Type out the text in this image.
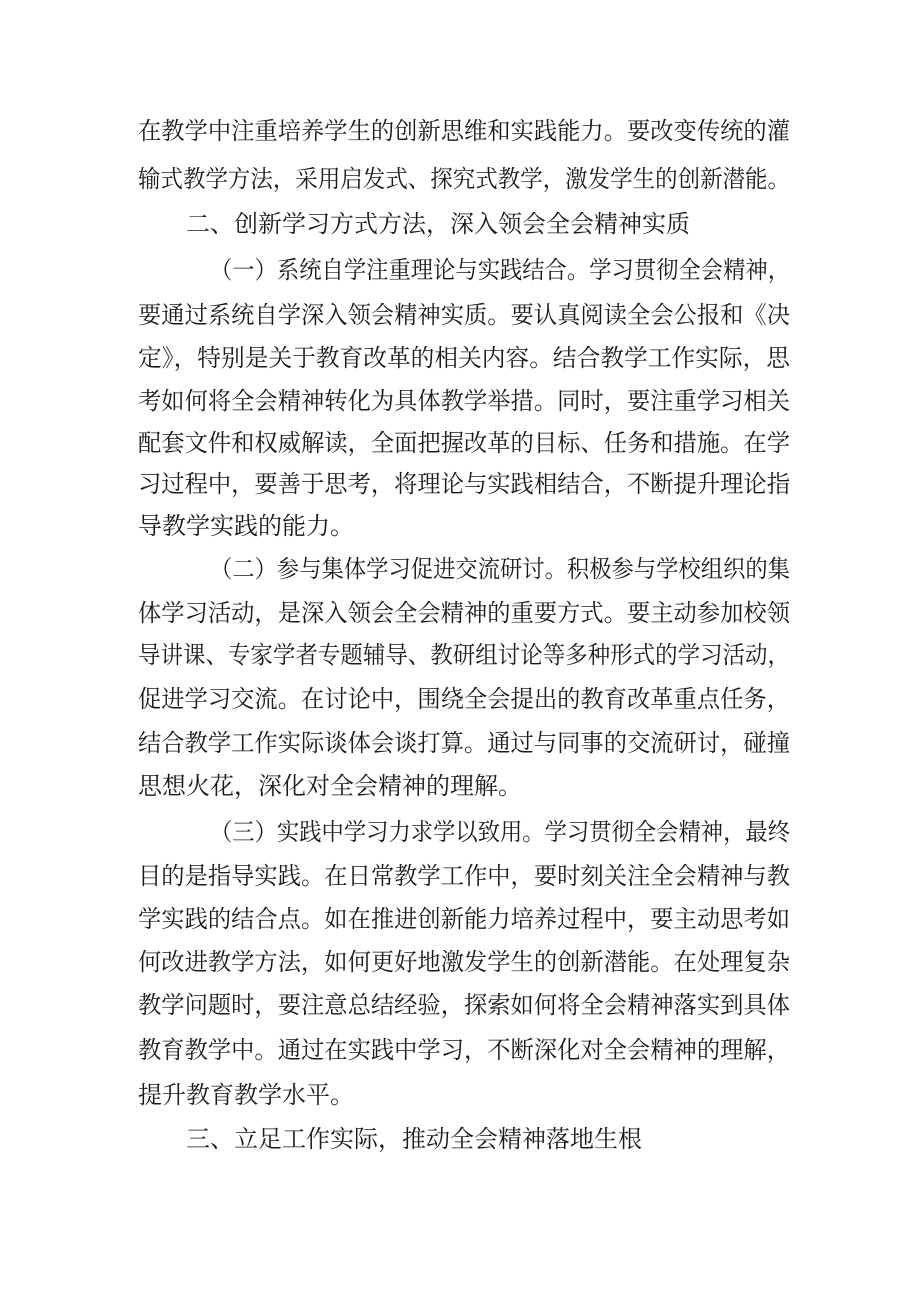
在教学中注重培养学生的创新思维和实践能力。要改变传统的灌

输式教学方法，采用启发式、探究式教学，激发学生的创新潜能。

二、创新学习方式方法，深入领会全会精神实质

（一）系统自学注重理论与实践结合。学习贯彻全会精神，

要通过系统自学深入领会精神实质。要认真阅读全会公报和《决

定》，特别是关于教育改革的相关内容。结合教学工作实际，思

考如何将全会精神转化为具体教学举措。同时，要注重学习相关

配套文件和权威解读，全面把握改革的目标、任务和措施。在学

习过程中，要善于思考，将理论与实践相结合，不断提升理论指

导教学实践的能力。

（二）参与集体学习促进交流研讨。积极参与学校组织的集

体学习活动，是深入领会全会精神的重要方式。要主动参加校领

导讲课、专家学者专题辅导、教研组讨论等多种形式的学习活动，

促进学习交流。在讨论中，围绕全会提出的教育改革重点任务，

结合教学工作实际谈体会谈打算。通过与同事的交流研讨，碰撞

思想火花，深化对全会精神的理解。

（三）实践中学习力求学以致用。学习贯彻全会精神，最终

目的是指导实践。在日常教学工作中，要时刻关注全会精神与教

学实践的结合点。如在推进创新能力培养过程中，要主动思考如

何改进教学方法，如何更好地激发学生的创新潜能。在处理复杂

教学问题时，要注意总结经验，探索如何将全会精神落实到具体

教育教学中。通过在实践中学习，不断深化对全会精神的理解，

提升教育教学水平。

三、立足工作实际，推动全会精神落地生根
